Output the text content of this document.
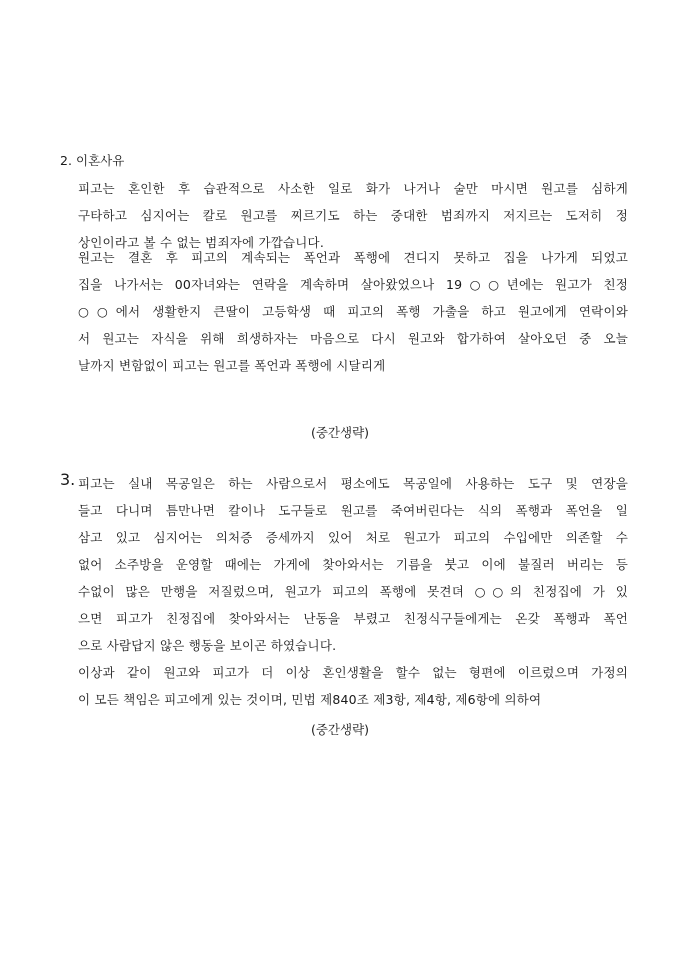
2. 이혼사유
피고는 혼인한 후 습관적으로 사소한 일로 화가 나거나 술만 마시면 원고를 심하게
구타하고 심지어는 칼로 원고를 찌르기도 하는 중대한 범죄까지 저지르는 도저히 정
상인이라고 볼 수 없는 범죄자에 가깝습니다.
원고는 결혼 후 피고의 계속되는 폭언과 폭행에 견디지 못하고 집을 나가게 되었고
집을 나가서는 00자녀와는 연락을 계속하며 살아왔었으나 19○○년에는 원고가 친정
○○에서 생활한지 큰딸이 고등학생 때 피고의 폭행 가출을 하고 원고에게 연락이와
서 원고는 자식을 위해 희생하자는 마음으로 다시 원고와 합가하여 살아오던 중 오늘
날까지 변함없이 피고는 원고를 폭언과 폭행에 시달리게
(중간생략)
3. 피고는 실내 목공일은 하는 사람으로서 평소에도 목공일에 사용하는 도구 및 연장을
들고 다니며 틈만나면 칼이나 도구들로 원고를 죽여버린다는 식의 폭행과 폭언을 일
삼고 있고 심지어는 의처증 증세까지 있어 처로 원고가 피고의 수입에만 의존할 수
없어 소주방을 운영할 때에는 가게에 찾아와서는 기름을 붓고 이에 불질러 버리는 등
수없이 많은 만행을 저질렀으며, 원고가 피고의 폭행에 못견뎌 ○○의 친정집에 가 있
으면 피고가 친정집에 찾아와서는 난동을 부렸고 친정식구들에게는 온갖 폭행과 폭언
으로 사람답지 않은 행동을 보이곤 하였습니다.
이상과 같이 원고와 피고가 더 이상 혼인생활을 할수 없는 형편에 이르렀으며 가정의
이 모든 책임은 피고에게 있는 것이며, 민법 제840조 제3항, 제4항, 제6항에 의하여
(중간생략)
